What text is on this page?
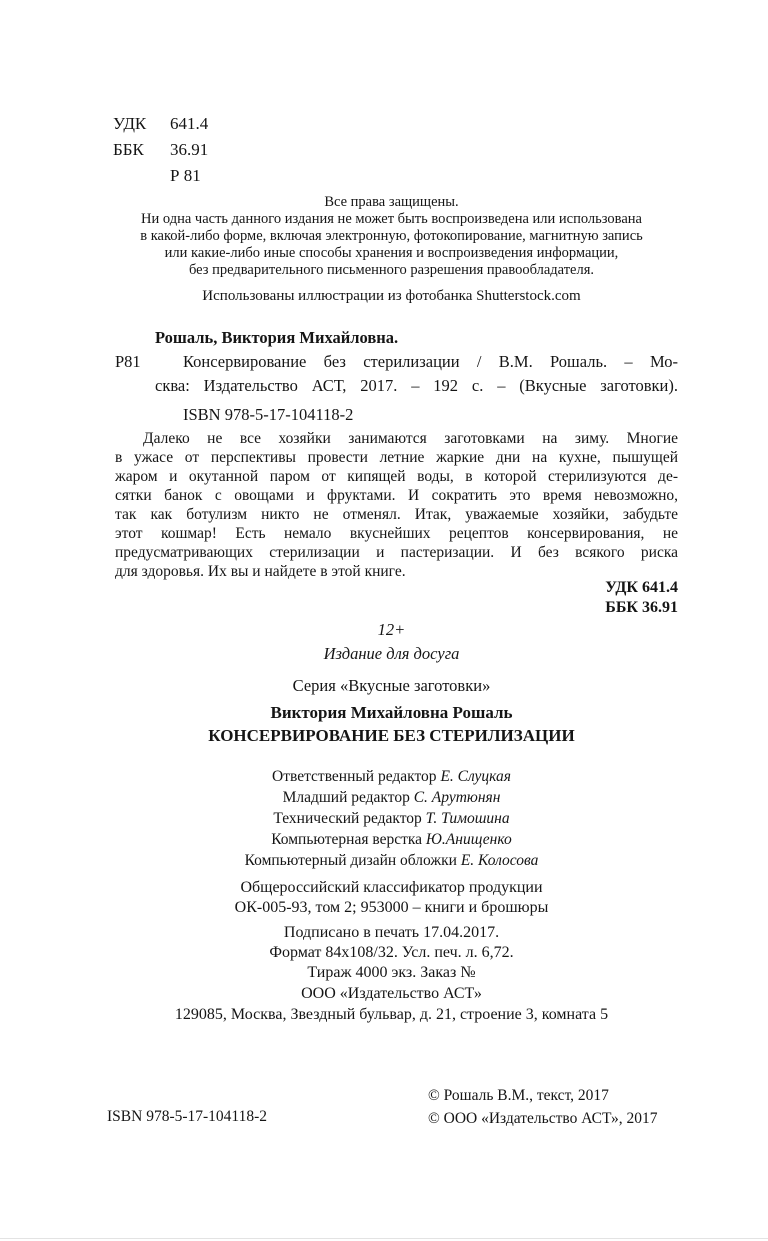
УДК	641.4
ББК	36.91
Р 81
Все права защищены.
Ни одна часть данного издания не может быть воспроизведена или использована
в какой-либо форме, включая электронную, фотокопирование, магнитную запись
или какие-либо иные способы хранения и воспроизведения информации,
без предварительного письменного разрешения правообладателя.
Использованы иллюстрации из фотобанка Shutterstock.com
Р81
Рошаль, Виктория Михайловна.
Консервирование без стерилизации / В.М. Рошаль. – Мо-
сква: Издательство АСТ, 2017. – 192 с. – (Вкусные заготовки).
ISBN 978-5-17-104118-2
Далеко не все хозяйки занимаются заготовками на зиму. Многие
в ужасе от перспективы провести летние жаркие дни на кухне, пышущей
жаром и окутанной паром от кипящей воды, в которой стерилизуются де-
сятки банок с овощами и фруктами. И сократить это время невозможно,
так как ботулизм никто не отменял. Итак, уважаемые хозяйки, забудьте
этот кошмар! Есть немало вкуснейших рецептов консервирования, не
предусматривающих стерилизации и пастеризации. И без всякого риска
для здоровья. Их вы и найдете в этой книге.
УДК 641.4
ББК 36.91
12+
Издание для досуга
Серия «Вкусные заготовки»
Виктория Михайловна Рошаль
КОНСЕРВИРОВАНИЕ БЕЗ СТЕРИЛИЗАЦИИ
Ответственный редактор Е. Слуцкая
Младший редактор С. Арутюнян
Технический редактор Т. Тимошина
Компьютерная верстка Ю.Анищенко
Компьютерный дизайн обложки Е. Колосова
Общероссийский классификатор продукции
ОК-005-93, том 2; 953000 – книги и брошюры
Подписано в печать 17.04.2017.
Формат 84х108/32. Усл. печ. л. 6,72.
Тираж 4000 экз. Заказ №
ООО «Издательство АСТ»
129085, Москва, Звездный бульвар, д. 21, строение 3, комната 5
© Рошаль В.М., текст, 2017
© ООО «Издательство АСТ», 2017
ISBN 978-5-17-104118-2
